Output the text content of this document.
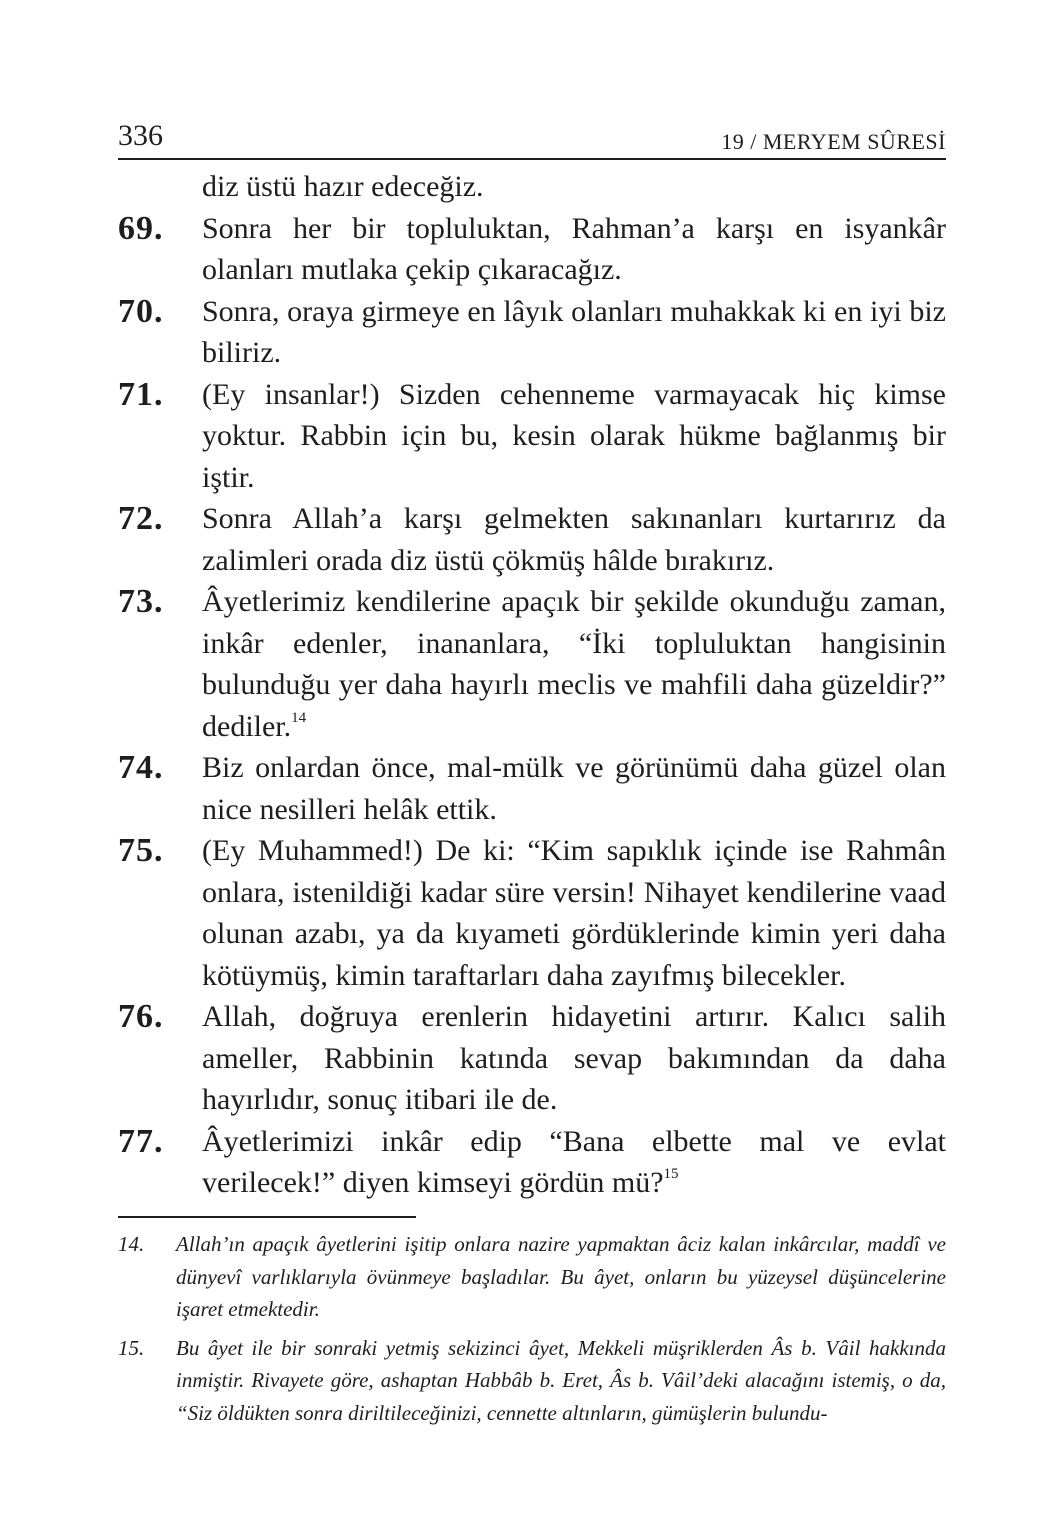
336	19 / MERYEM SÛRESİ

diz üstü hazır edeceğiz.

69. Sonra her bir topluluktan, Rahman’a karşı en isyankâr olanları mutlaka çekip çıkaracağız.

70. Sonra, oraya girmeye en lâyık olanları muhakkak ki en iyi biz biliriz.

71. (Ey insanlar!) Sizden cehenneme varmayacak hiç kimse yoktur. Rabbin için bu, kesin olarak hükme bağlanmış bir iştir.

72. Sonra Allah’a karşı gelmekten sakınanları kurtarırız da zalimleri orada diz üstü çökmüş hâlde bırakırız.

73. Âyetlerimiz kendilerine apaçık bir şekilde okunduğu zaman, inkâr edenler, inananlara, “İki topluluktan hangisinin bulunduğu yer daha hayırlı meclis ve mahfili daha güzeldir?” dediler.$^{14}$

74. Biz onlardan önce, mal-mülk ve görünümü daha güzel olan nice nesilleri helâk ettik.

75. (Ey Muhammed!) De ki: “Kim sapıklık içinde ise Rahmân onlara, istenildiği kadar süre versin! Nihayet kendilerine vaad olunan azabı, ya da kıyameti gördüklerinde kimin yeri daha kötüymüş, kimin taraftarları daha zayıfmış bilecekler.

76. Allah, doğruya erenlerin hidayetini artırır. Kalıcı salih ameller, Rabbinin katında sevap bakımından da daha hayırlıdır, sonuç itibari ile de.

77. Âyetlerimizi inkâr edip “Bana elbette mal ve evlat verilecek!” diyen kimseyi gördün mü?$^{15}$

14. Allah’ın apaçık âyetlerini işitip onlara nazire yapmaktan âciz kalan inkârcılar, maddî ve dünyevî varlıklarıyla övünmeye başladılar. Bu âyet, onların bu yüzeysel düşüncelerine işaret etmektedir.

15. Bu âyet ile bir sonraki yetmiş sekizinci âyet, Mekkeli müşriklerden Âs b. Vâil hakkında inmiştir. Rivayete göre, ashaptan Habbâb b. Eret, Âs b. Vâil’deki alacağını istemiş, o da, “Siz öldükten sonra diriltileceğinizi, cennette altınların, gümüşlerin bulundu-
